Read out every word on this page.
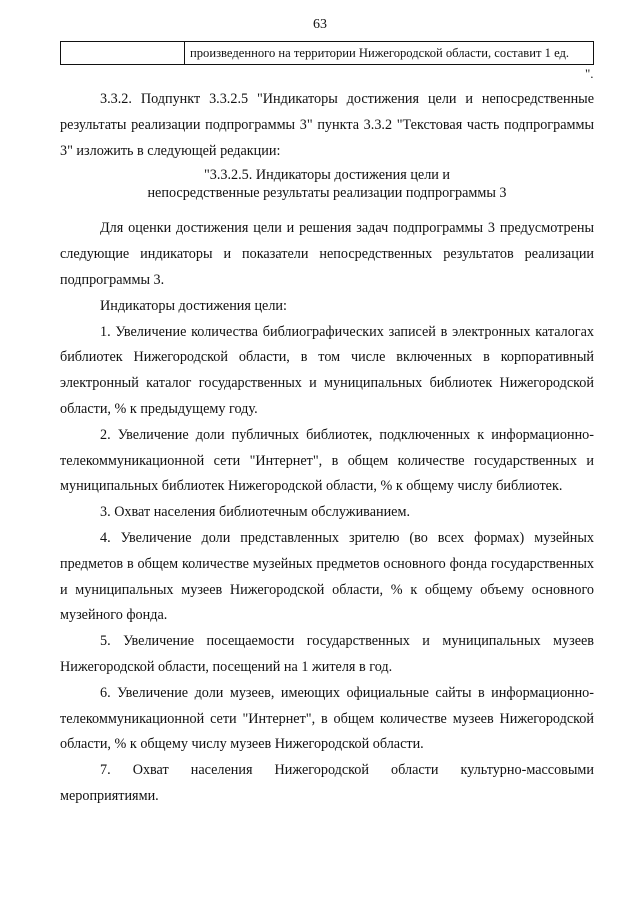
63
	произведенного на территории Нижегородской области, составит 1 ед.
".

3.3.2. Подпункт 3.3.2.5 "Индикаторы достижения цели и непосредственные результаты реализации подпрограммы 3" пункта 3.3.2 "Текстовая часть подпрограммы 3" изложить в следующей редакции:

"3.3.2.5. Индикаторы достижения цели и
непосредственные результаты реализации подпрограммы 3

Для оценки достижения цели и решения задач подпрограммы 3 предусмотрены следующие индикаторы и показатели непосредственных результатов реализации подпрограммы 3.

Индикаторы достижения цели:

1. Увеличение количества библиографических записей в электронных каталогах библиотек Нижегородской области, в том числе включенных в корпоративный электронный каталог государственных и муниципальных библиотек Нижегородской области, % к предыдущему году.

2. Увеличение доли публичных библиотек, подключенных к информационно-телекоммуникационной сети "Интернет", в общем количестве государственных и муниципальных библиотек Нижегородской области, % к общему числу библиотек.

3. Охват населения библиотечным обслуживанием.

4. Увеличение доли представленных зрителю (во всех формах) музейных предметов в общем количестве музейных предметов основного фонда государственных и муниципальных музеев Нижегородской области, % к общему объему основного музейного фонда.

5. Увеличение посещаемости государственных и муниципальных музеев Нижегородской области, посещений на 1 жителя в год.

6. Увеличение доли музеев, имеющих официальные сайты в информационно-телекоммуникационной сети "Интернет", в общем количестве музеев Нижегородской области, % к общему числу музеев Нижегородской области.

7. Охват населения Нижегородской области культурно-массовыми мероприятиями.
